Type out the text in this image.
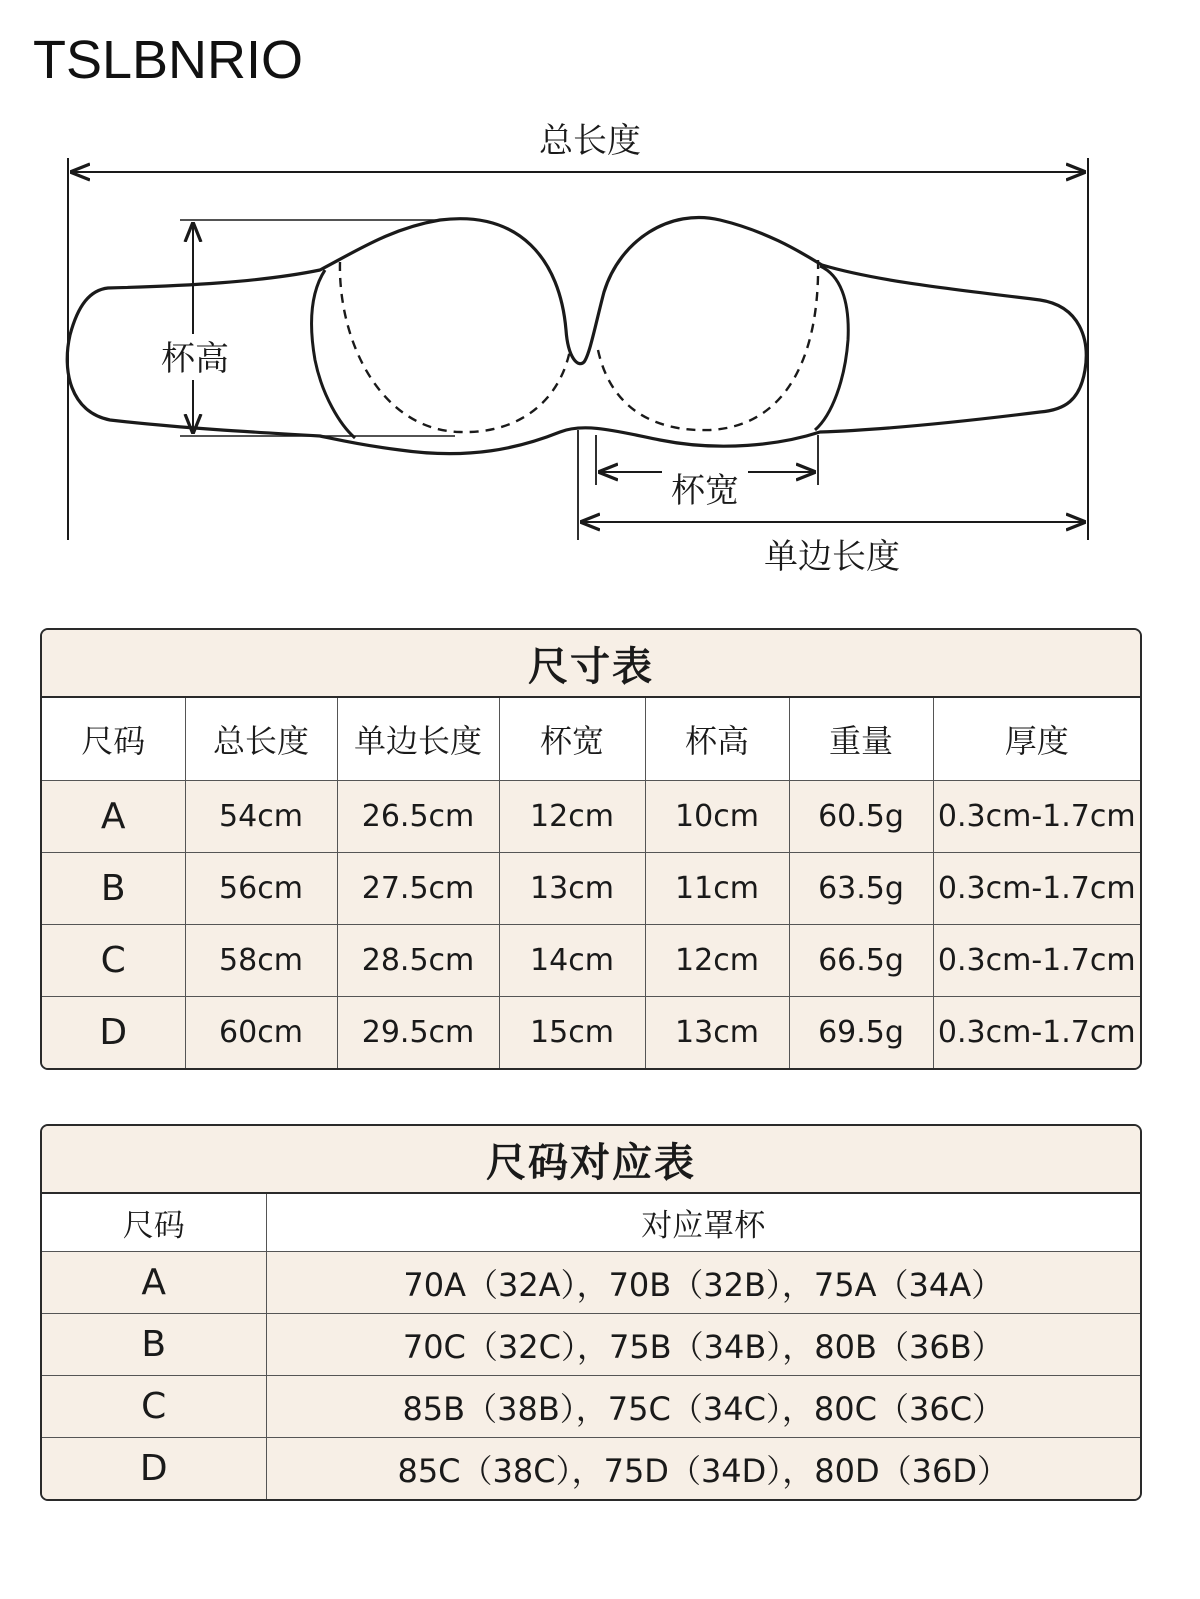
TSLBNRIO
总长度
杯高
杯宽
单边长度
尺寸表
尺码	总长度	单边长度	杯宽	杯高	重量	厚度
A	54cm	26.5cm	12cm	10cm	60.5g	0.3cm-1.7cm
B	56cm	27.5cm	13cm	11cm	63.5g	0.3cm-1.7cm
C	58cm	28.5cm	14cm	12cm	66.5g	0.3cm-1.7cm
D	60cm	29.5cm	15cm	13cm	69.5g	0.3cm-1.7cm
尺码对应表
尺码	对应罩杯
A	70A（32A），70B（32B），75A（34A）
B	70C（32C），75B（34B），80B（36B）
C	85B（38B），75C（34C），80C（36C）
D	85C（38C），75D（34D），80D（36D）
